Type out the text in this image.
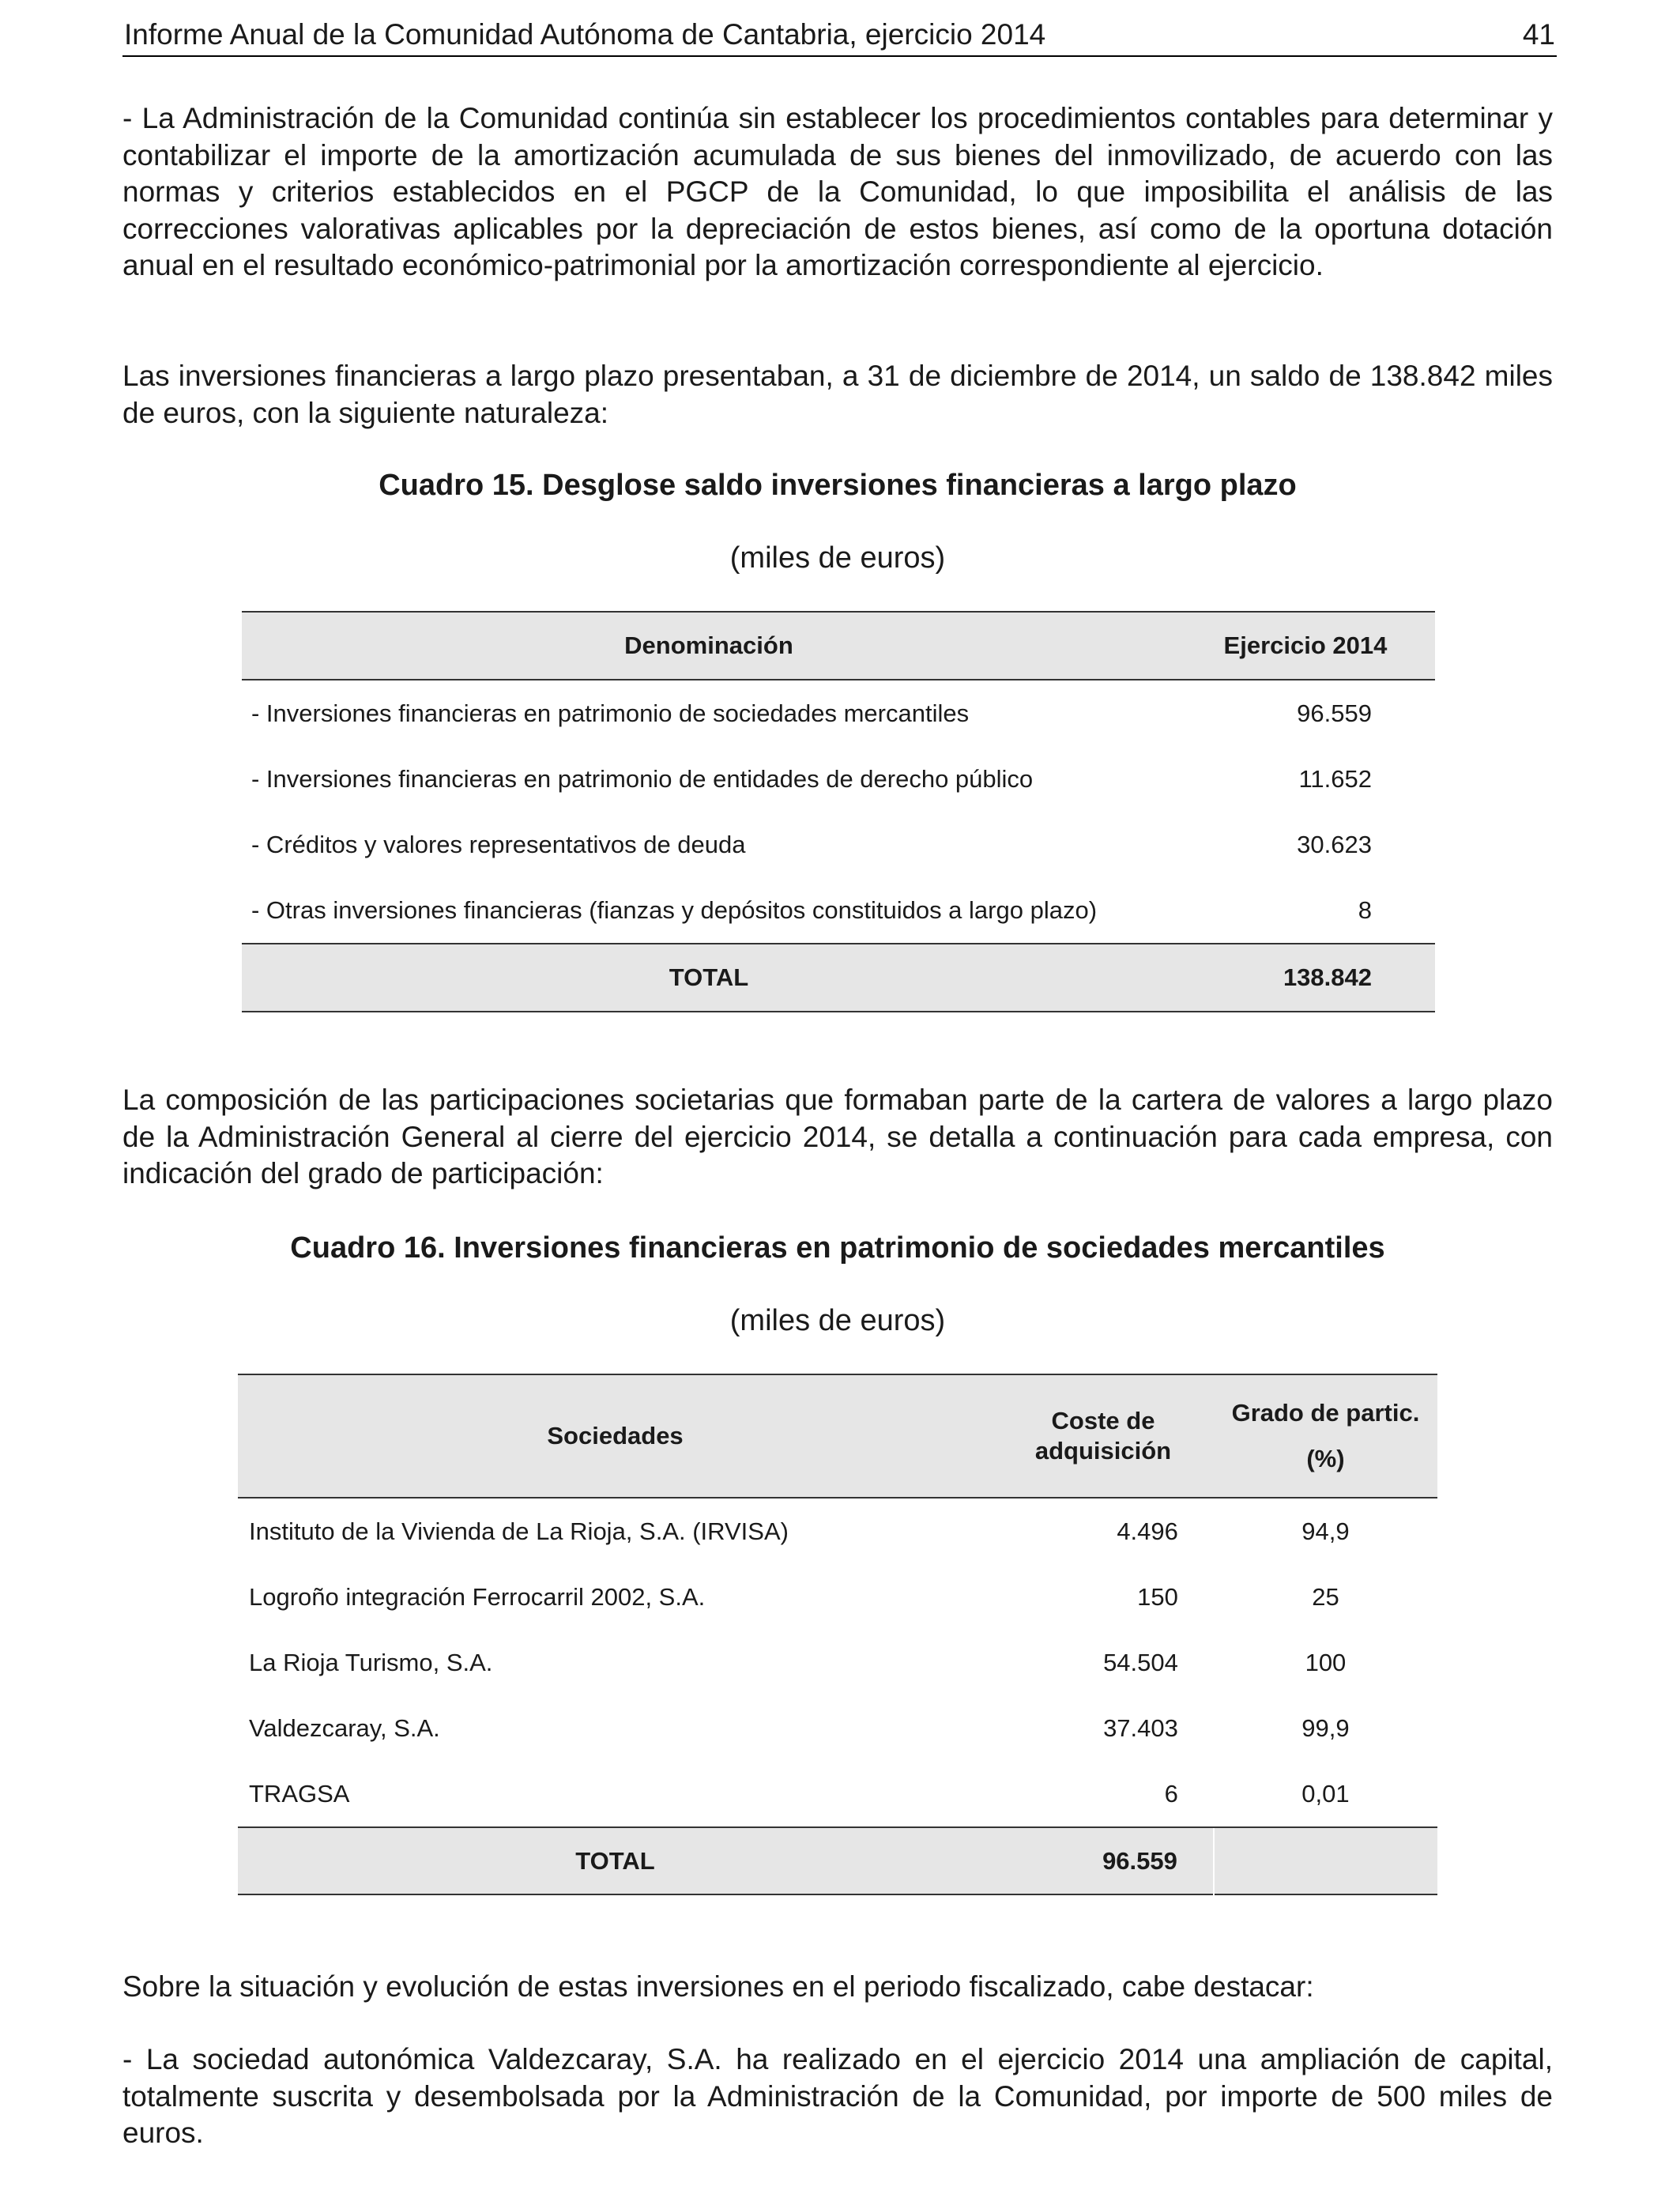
Informe Anual de la Comunidad Autónoma de Cantabria, ejercicio 2014	41

- La Administración de la Comunidad continúa sin establecer los procedimientos contables para determinar y contabilizar el importe de la amortización acumulada de sus bienes del inmovilizado, de acuerdo con las normas y criterios establecidos en el PGCP de la Comunidad, lo que imposibilita el análisis de las correcciones valorativas aplicables por la depreciación de estos bienes, así como de la oportuna dotación anual en el resultado económico-patrimonial por la amortización correspondiente al ejercicio.

Las inversiones financieras a largo plazo presentaban, a 31 de diciembre de 2014, un saldo de 138.842 miles de euros, con la siguiente naturaleza:

Cuadro 15. Desglose saldo inversiones financieras a largo plazo
(miles de euros)
Denominación	Ejercicio 2014
- Inversiones financieras en patrimonio de sociedades mercantiles	96.559
- Inversiones financieras en patrimonio de entidades de derecho público	11.652
- Créditos y valores representativos de deuda	30.623
- Otras inversiones financieras (fianzas y depósitos constituidos a largo plazo)	8
TOTAL	138.842

La composición de las participaciones societarias que formaban parte de la cartera de valores a largo plazo de la Administración General al cierre del ejercicio 2014, se detalla a continuación para cada empresa, con indicación del grado de participación:

Cuadro 16. Inversiones financieras en patrimonio de sociedades mercantiles
(miles de euros)
Sociedades	Coste de adquisición	Grado de partic.
(%)

Instituto de la Vivienda de La Rioja, S.A. (IRVISA)	4.496	94,9
Logroño integración Ferrocarril 2002, S.A.	150	25
La Rioja Turismo, S.A.	54.504	100
Valdezcaray, S.A.	37.403	99,9
TRAGSA	6	0,01
TOTAL	96.559	

Sobre la situación y evolución de estas inversiones en el periodo fiscalizado, cabe destacar:

- La sociedad autonómica Valdezcaray, S.A. ha realizado en el ejercicio 2014 una ampliación de capital, totalmente suscrita y desembolsada por la Administración de la Comunidad, por importe de 500 miles de euros.
